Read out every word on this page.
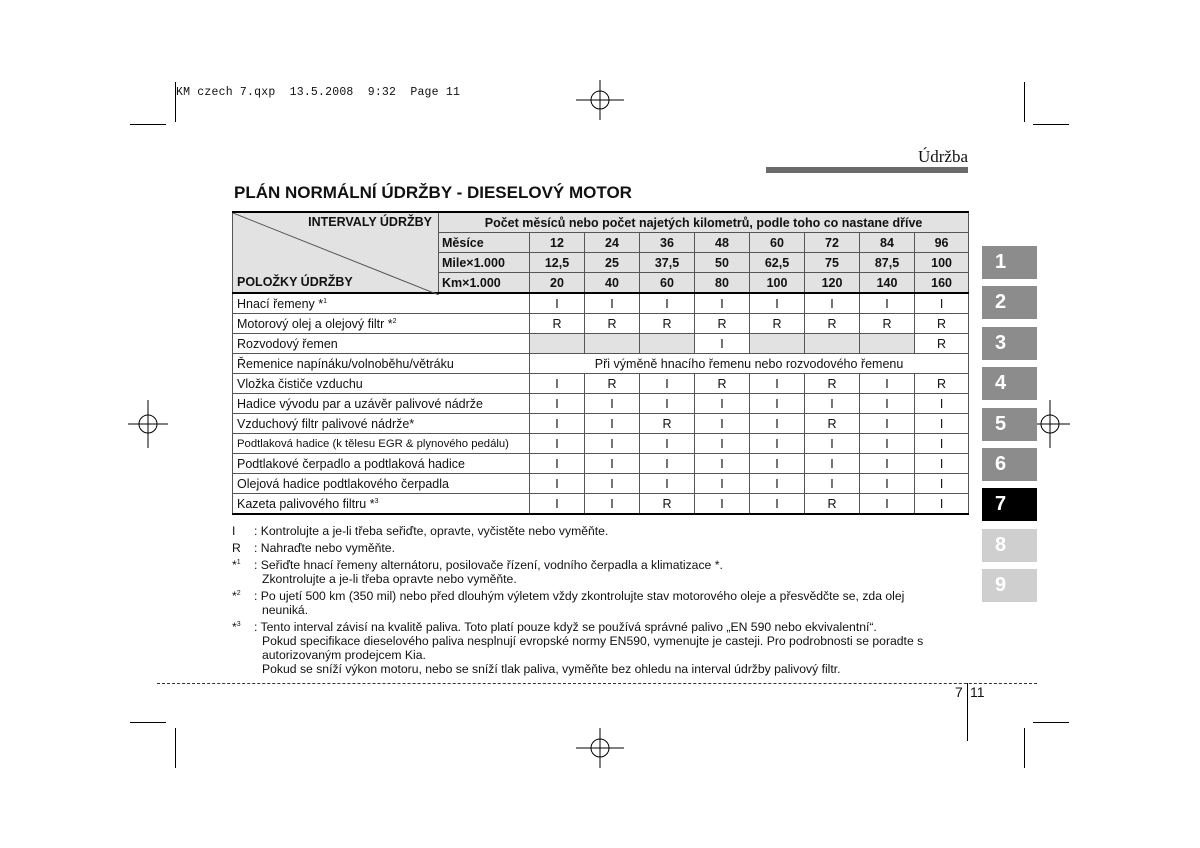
KM czech 7.qxp  13.5.2008  9:32  Page 11
Údržba
PLÁN NORMÁLNÍ ÚDRŽBY - DIESELOVÝ MOTOR
INTERVALY ÚDRŽBY
POLOŽKY ÚDRŽBY	Počet měsíců nebo počet najetých kilometrů, podle toho co nastane dříve								
	Měsíce	12	24	36	48	60	72	84	96
	Mile×1.000	12,5	25	37,5	50	62,5	75	87,5	100
	Km×1.000	20	40	60	80	100	120	140	160
Hnací řemeny *$^1$		I	I	I	I	I	I	I	I
Motorový olej a olejový filtr *$^2$		R	R	R	R	R	R	R	R
Rozvodový řemen					I				R
Řemenice napínáku/volnoběhu/větráku		Při výměně hnacího řemenu nebo rozvodového řemenu							
Vložka čističe vzduchu		I	R	I	R	I	R	I	R
Hadice vývodu par a uzávěr palivové nádrže		I	I	I	I	I	I	I	I
Vzduchový filtr palivové nádrže*		I	I	R	I	I	R	I	I
Podtlaková hadice (k tělesu EGR & plynového pedálu)		I	I	I	I	I	I	I	I
Podtlakové čerpadlo a podtlaková hadice		I	I	I	I	I	I	I	I
Olejová hadice podtlakového čerpadla		I	I	I	I	I	I	I	I
Kazeta palivového filtru *$^3$		I	I	R	I	I	R	I	I
I	: Kontrolujte a je-li třeba seřiďte, opravte, vyčistěte nebo vyměňte.
R	: Nahraďte nebo vyměňte.
*$^1$	: Seřiďte hnací řemeny alternátoru, posilovače řízení, vodního čerpadla a klimatizace *.
Zkontrolujte a je-li třeba opravte nebo vyměňte.
*$^2$	: Po ujetí 500 km (350 mil) nebo před dlouhým výletem vždy zkontrolujte stav motorového oleje a přesvědčte se, zda olej
neuniká.
*$^3$	: Tento interval závisí na kvalitě paliva. Toto platí pouze když se používá správné palivo „EN 590 nebo ekvivalentní“.
Pokud specifikace dieselového paliva nesplnují evropské normy EN590, vymenujte je casteji. Pro podrobnosti se poradte s
autorizovaným prodejcem Kia.
Pokud se sníží výkon motoru, nebo se sníží tlak paliva, vyměňte bez ohledu na interval údržby palivový filtr.
1
2
3
4
5
6
7
8
9
7 11
